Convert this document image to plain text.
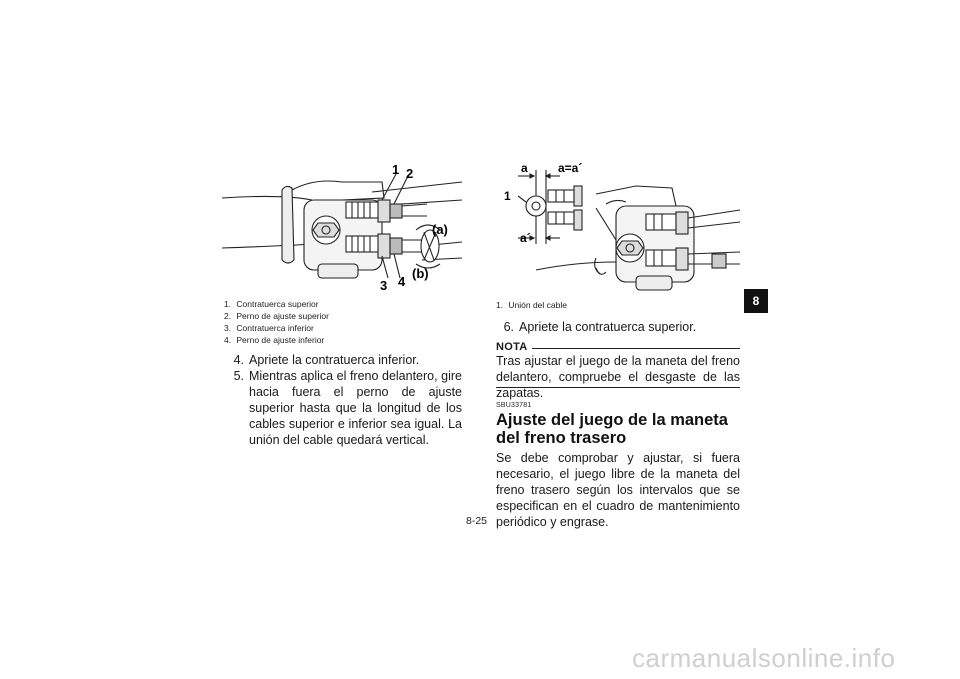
1 2
3 4
(a)
(b)
1. Contratuerca superior
2. Perno de ajuste superior
3. Contratuerca inferior
4. Perno de ajuste inferior
4. Apriete la contratuerca inferior.
5. Mientras aplica el freno delantero, gire hacia fuera el perno de ajuste superior hasta que la longitud de los cables superior e inferior sea igual. La unión del cable quedará vertical.
a	a=a´
1
a´
1. Unión del cable
6. Apriete la contratuerca superior.
NOTA
Tras ajustar el juego de la maneta del freno delantero, compruebe el desgaste de las zapatas.
SBU33781
Ajuste del juego de la maneta del freno trasero
Se debe comprobar y ajustar, si fuera necesario, el juego libre de la maneta del freno trasero según los intervalos que se especifican en el cuadro de mantenimiento periódico y engrase.
8
8-25
carmanualsonline.info
